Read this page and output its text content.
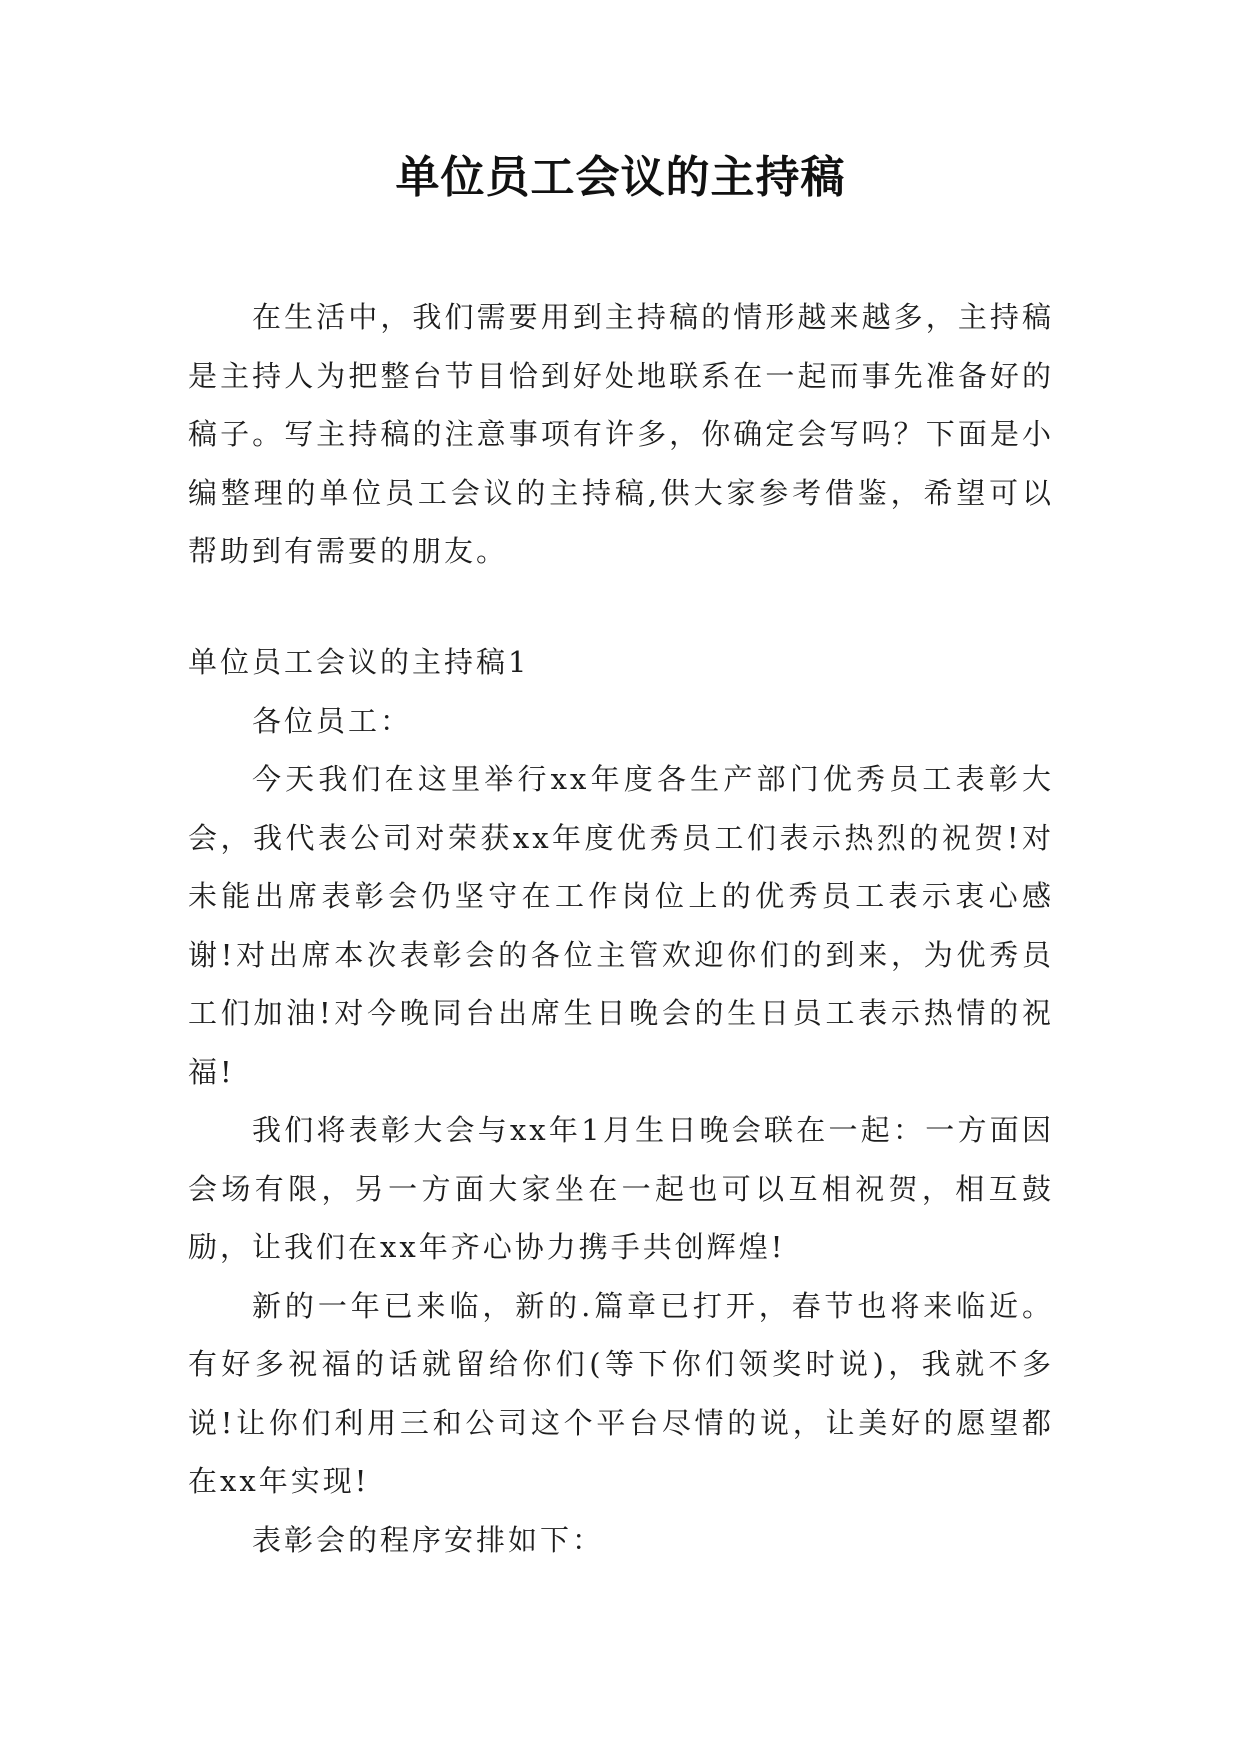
单位员工会议的主持稿

在生活中，我们需要用到主持稿的情形越来越多，主持稿是主持人为把整台节目恰到好处地联系在一起而事先准备好的稿子。写主持稿的注意事项有许多，你确定会写吗？下面是小编整理的单位员工会议的主持稿,供大家参考借鉴，希望可以帮助到有需要的朋友。

单位员工会议的主持稿1

各位员工：

今天我们在这里举行xx年度各生产部门优秀员工表彰大会，我代表公司对荣获xx年度优秀员工们表示热烈的祝贺!对未能出席表彰会仍坚守在工作岗位上的优秀员工表示衷心感谢!对出席本次表彰会的各位主管欢迎你们的到来，为优秀员工们加油!对今晚同台出席生日晚会的生日员工表示热情的祝福!

我们将表彰大会与xx年1月生日晚会联在一起：一方面因会场有限，另一方面大家坐在一起也可以互相祝贺，相互鼓励，让我们在xx年齐心协力携手共创辉煌!

新的一年已来临，新的.篇章已打开，春节也将来临近。有好多祝福的话就留给你们(等下你们领奖时说)，我就不多说!让你们利用三和公司这个平台尽情的说，让美好的愿望都在xx年实现!

表彰会的程序安排如下：
